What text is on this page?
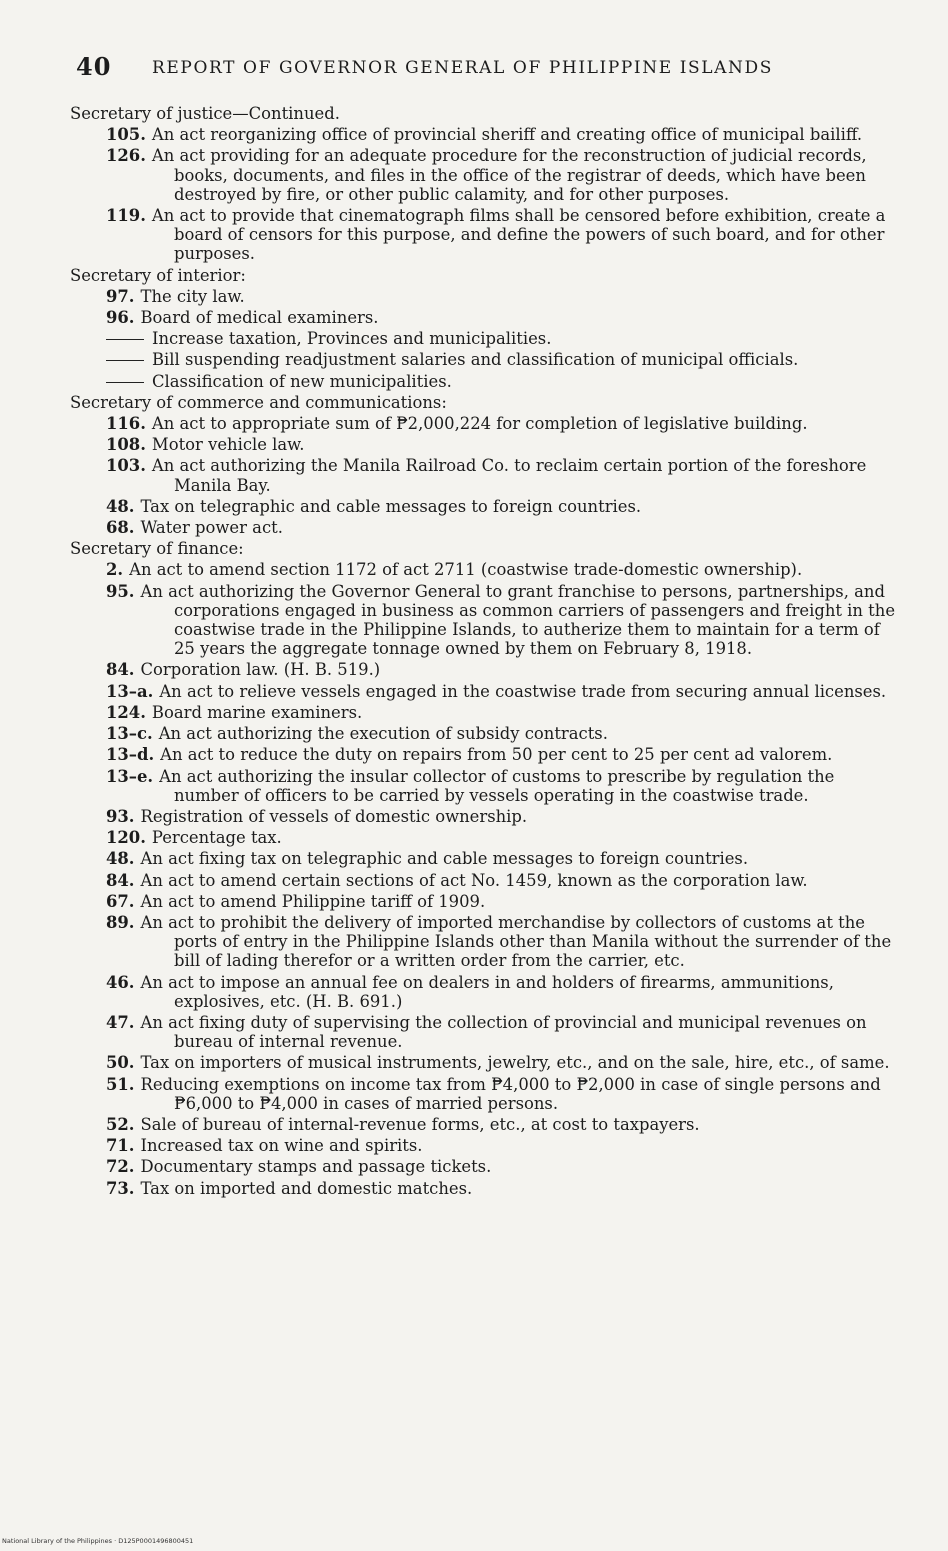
40 REPORT OF GOVERNOR GENERAL OF PHILIPPINE ISLANDS
Secretary of justice—Continued.
105. An act reorganizing office of provincial sheriff and creating office of municipal bailiff.
126. An act providing for an adequate procedure for the reconstruction of judicial records, books, documents, and files in the office of the registrar of deeds, which have been destroyed by fire, or other public calamity, and for other purposes.
119. An act to provide that cinematograph films shall be censored before exhibition, create a board of censors for this purpose, and define the powers of such board, and for other purposes.
Secretary of interior:
97. The city law.
96. Board of medical examiners.
Increase taxation, Provinces and municipalities.
Bill suspending readjustment salaries and classification of municipal officials.
Classification of new municipalities.
Secretary of commerce and communications:
116. An act to appropriate sum of ₱2,000,224 for completion of legislative building.
108. Motor vehicle law.
103. An act authorizing the Manila Railroad Co. to reclaim certain portion of the foreshore Manila Bay.
48. Tax on telegraphic and cable messages to foreign countries.
68. Water power act.
Secretary of finance:
2. An act to amend section 1172 of act 2711 (coastwise trade-domestic ownership).
95. An act authorizing the Governor General to grant franchise to persons, partnerships, and corporations engaged in business as common carriers of passengers and freight in the coastwise trade in the Philippine Islands, to autherize them to maintain for a term of 25 years the aggregate tonnage owned by them on February 8, 1918.
84. Corporation law. (H. B. 519.)
13–a. An act to relieve vessels engaged in the coastwise trade from securing annual licenses.
124. Board marine examiners.
13–c. An act authorizing the execution of subsidy contracts.
13–d. An act to reduce the duty on repairs from 50 per cent to 25 per cent ad valorem.
13–e. An act authorizing the insular collector of customs to prescribe by regulation the number of officers to be carried by vessels operating in the coastwise trade.
93. Registration of vessels of domestic ownership.
120. Percentage tax.
48. An act fixing tax on telegraphic and cable messages to foreign countries.
84. An act to amend certain sections of act No. 1459, known as the corporation law.
67. An act to amend Philippine tariff of 1909.
89. An act to prohibit the delivery of imported merchandise by collectors of customs at the ports of entry in the Philippine Islands other than Manila without the surrender of the bill of lading therefor or a written order from the carrier, etc.
46. An act to impose an annual fee on dealers in and holders of firearms, ammunitions, explosives, etc. (H. B. 691.)
47. An act fixing duty of supervising the collection of provincial and municipal revenues on bureau of internal revenue.
50. Tax on importers of musical instruments, jewelry, etc., and on the sale, hire, etc., of same.
51. Reducing exemptions on income tax from ₱4,000 to ₱2,000 in case of single persons and ₱6,000 to ₱4,000 in cases of married persons.
52. Sale of bureau of internal-revenue forms, etc., at cost to taxpayers.
71. Increased tax on wine and spirits.
72. Documentary stamps and passage tickets.
73. Tax on imported and domestic matches.
National Library of the Philippines · D125P0001496800451
